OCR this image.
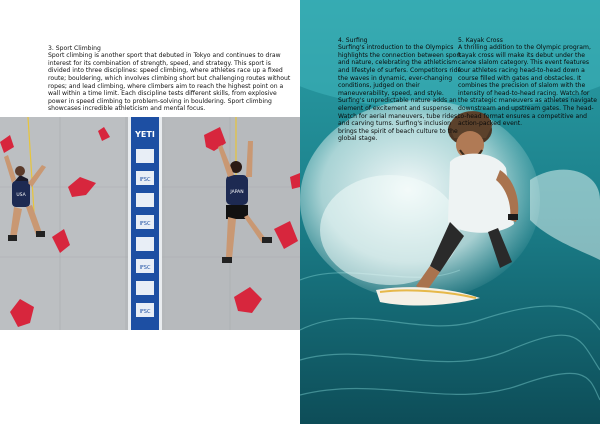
3. Sport Climbing
Sport climbing is another sport that debuted in Tokyo and continues to draw interest for its combination of strength, speed, and strategy. This sport is divided into three disciplines: speed climbing, where athletes race up a fixed route; bouldering, which involves climbing short but challenging routes without ropes; and lead climbing, where climbers aim to reach the highest point on a wall within a time limit. Each discipline tests different skills, from explosive power in speed climbing to problem-solving in bouldering. Sport climbing showcases incredible athleticism and mental focus.

YETI
IFSC
IFSC
IFSC
IFSC
USA
JAPAN

4. Surfing
Surfing's introduction to the Olympics highlights the connection between sport and nature, celebrating the athleticism and lifestyle of surfers. Competitors ride the waves in dynamic, ever-changing conditions, judged on their maneuverability, speed, and style. Surfing's unpredictable nature adds an element of excitement and suspense. Watch for aerial maneuvers, tube rides, and carving turns. Surfing's inclusion brings the spirit of beach culture to the global stage.

5. Kayak Cross
A thrilling addition to the Olympic program, kayak cross will make its debut under the canoe slalom category. This event features four athletes racing head-to-head down a course filled with gates and obstacles. It combines the precision of slalom with the intensity of head-to-head racing. Watch for the strategic maneuvers as athletes navigate downstream and upstream gates. The head-to-head format ensures a competitive and action-packed event.
